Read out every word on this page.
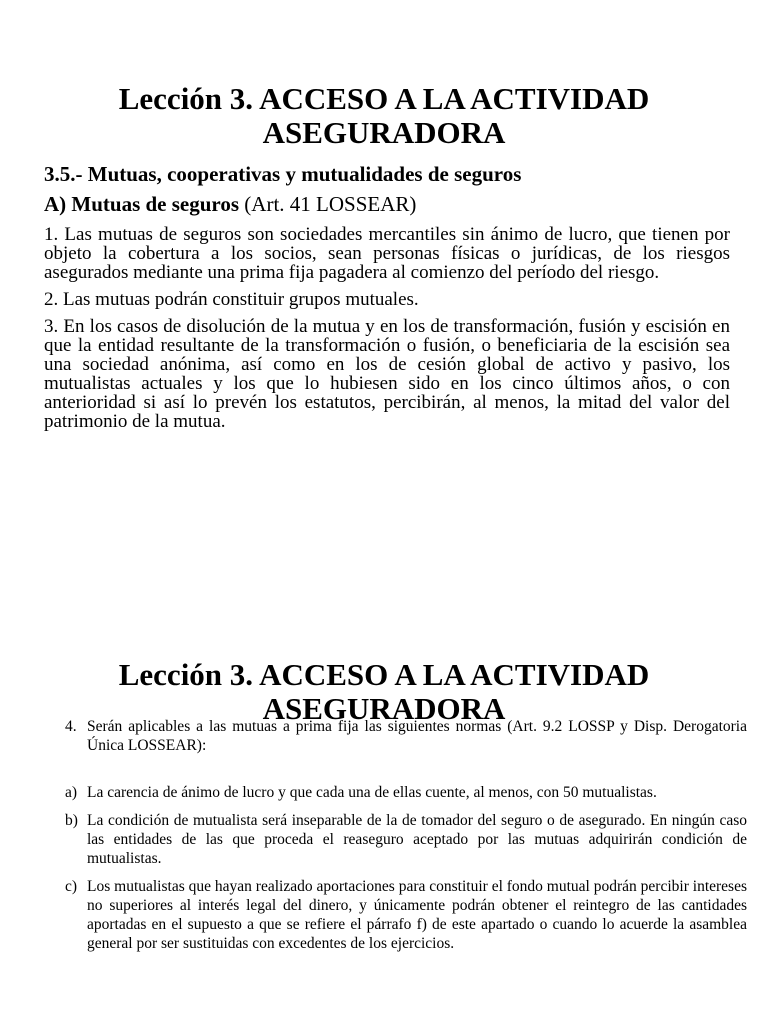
Lección 3. ACCESO A LA ACTIVIDAD ASEGURADORA
3.5.- Mutuas, cooperativas y mutualidades de seguros
A) Mutuas de seguros (Art. 41 LOSSEAR)

1. Las mutuas de seguros son sociedades mercantiles sin ánimo de lucro, que tienen por objeto la cobertura a los socios, sean personas físicas o jurídicas, de los riesgos asegurados mediante una prima fija pagadera al comienzo del período del riesgo.

2. Las mutuas podrán constituir grupos mutuales.

3. En los casos de disolución de la mutua y en los de transformación, fusión y escisión en que la entidad resultante de la transformación o fusión, o beneficiaria de la escisión sea una sociedad anónima, así como en los de cesión global de activo y pasivo, los mutualistas actuales y los que lo hubiesen sido en los cinco últimos años, o con anterioridad si así lo prevén los estatutos, percibirán, al menos, la mitad del valor del patrimonio de la mutua.

4. Serán aplicables a las mutuas a prima fija las siguientes normas (Art. 9.2 LOSSP y Disp. Derogatoria Única LOSSEAR):
a) La carencia de ánimo de lucro y que cada una de ellas cuente, al menos, con 50 mutualistas.
b) La condición de mutualista será inseparable de la de tomador del seguro o de asegurado. En ningún caso las entidades de las que proceda el reaseguro aceptado por las mutuas adquirirán condición de mutualistas.
c) Los mutualistas que hayan realizado aportaciones para constituir el fondo mutual podrán percibir intereses no superiores al interés legal del dinero, y únicamente podrán obtener el reintegro de las cantidades aportadas en el supuesto a que se refiere el párrafo f) de este apartado o cuando lo acuerde la asamblea general por ser sustituidas con excedentes de los ejercicios.
Lección 3. ACCESO A LA ACTIVIDAD ASEGURADORA
